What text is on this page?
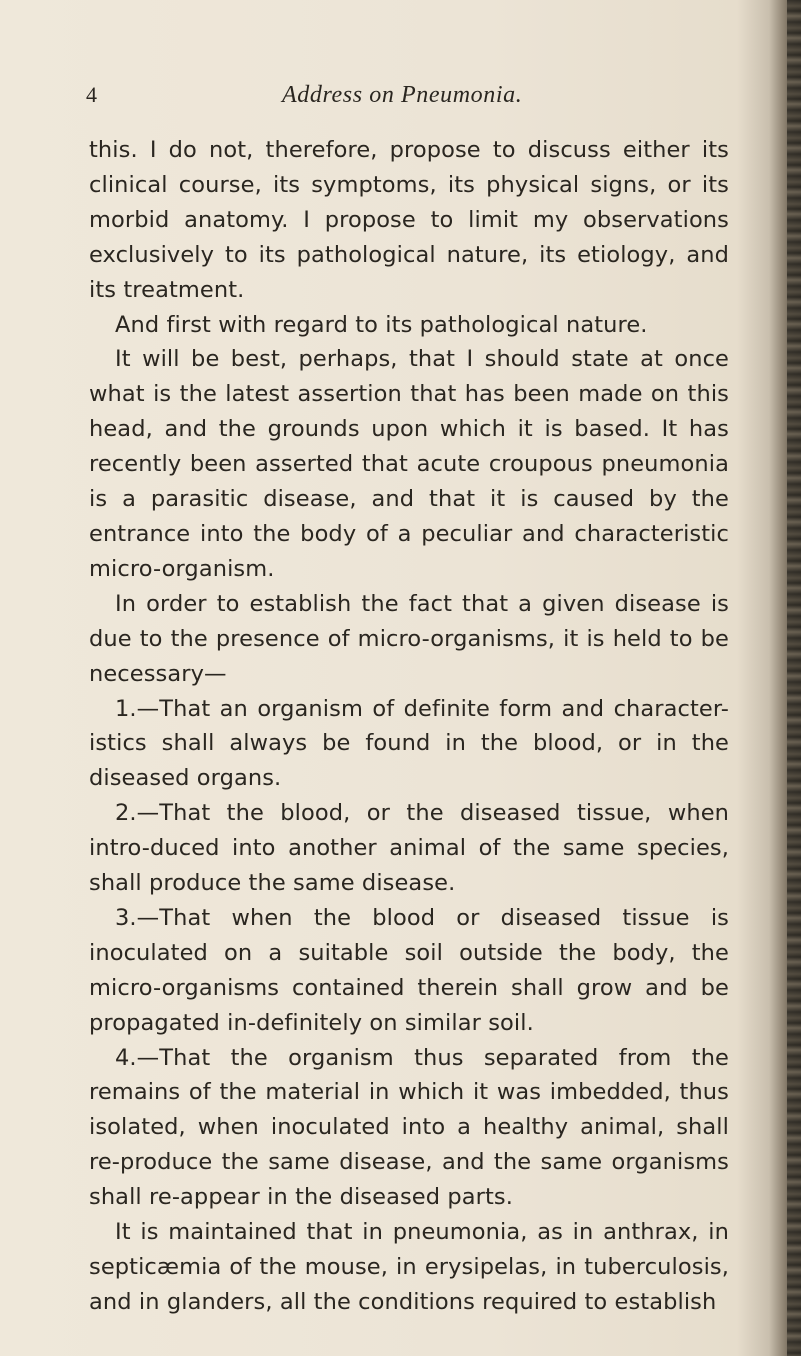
4	Address on Pneumonia.

this. I do not, therefore, propose to discuss either its clinical course, its symptoms, its physical signs, or its morbid anatomy. I propose to limit my observations exclusively to its pathological nature, its etiology, and its treatment.

And first with regard to its pathological nature.

It will be best, perhaps, that I should state at once what is the latest assertion that has been made on this head, and the grounds upon which it is based. It has recently been asserted that acute croupous pneumonia is a parasitic disease, and that it is caused by the entrance into the body of a peculiar and characteristic micro-organism.

In order to establish the fact that a given disease is due to the presence of micro-organisms, it is held to be necessary—

1.—That an organism of definite form and character-istics shall always be found in the blood, or in the diseased organs.

2.—That the blood, or the diseased tissue, when intro-duced into another animal of the same species, shall produce the same disease.

3.—That when the blood or diseased tissue is inoculated on a suitable soil outside the body, the micro-organisms contained therein shall grow and be propagated in-definitely on similar soil.

4.—That the organism thus separated from the remains of the material in which it was imbedded, thus isolated, when inoculated into a healthy animal, shall re-produce the same disease, and the same organisms shall re-appear in the diseased parts.

It is maintained that in pneumonia, as in anthrax, in septicæmia of the mouse, in erysipelas, in tuberculosis, and in glanders, all the conditions required to establish
